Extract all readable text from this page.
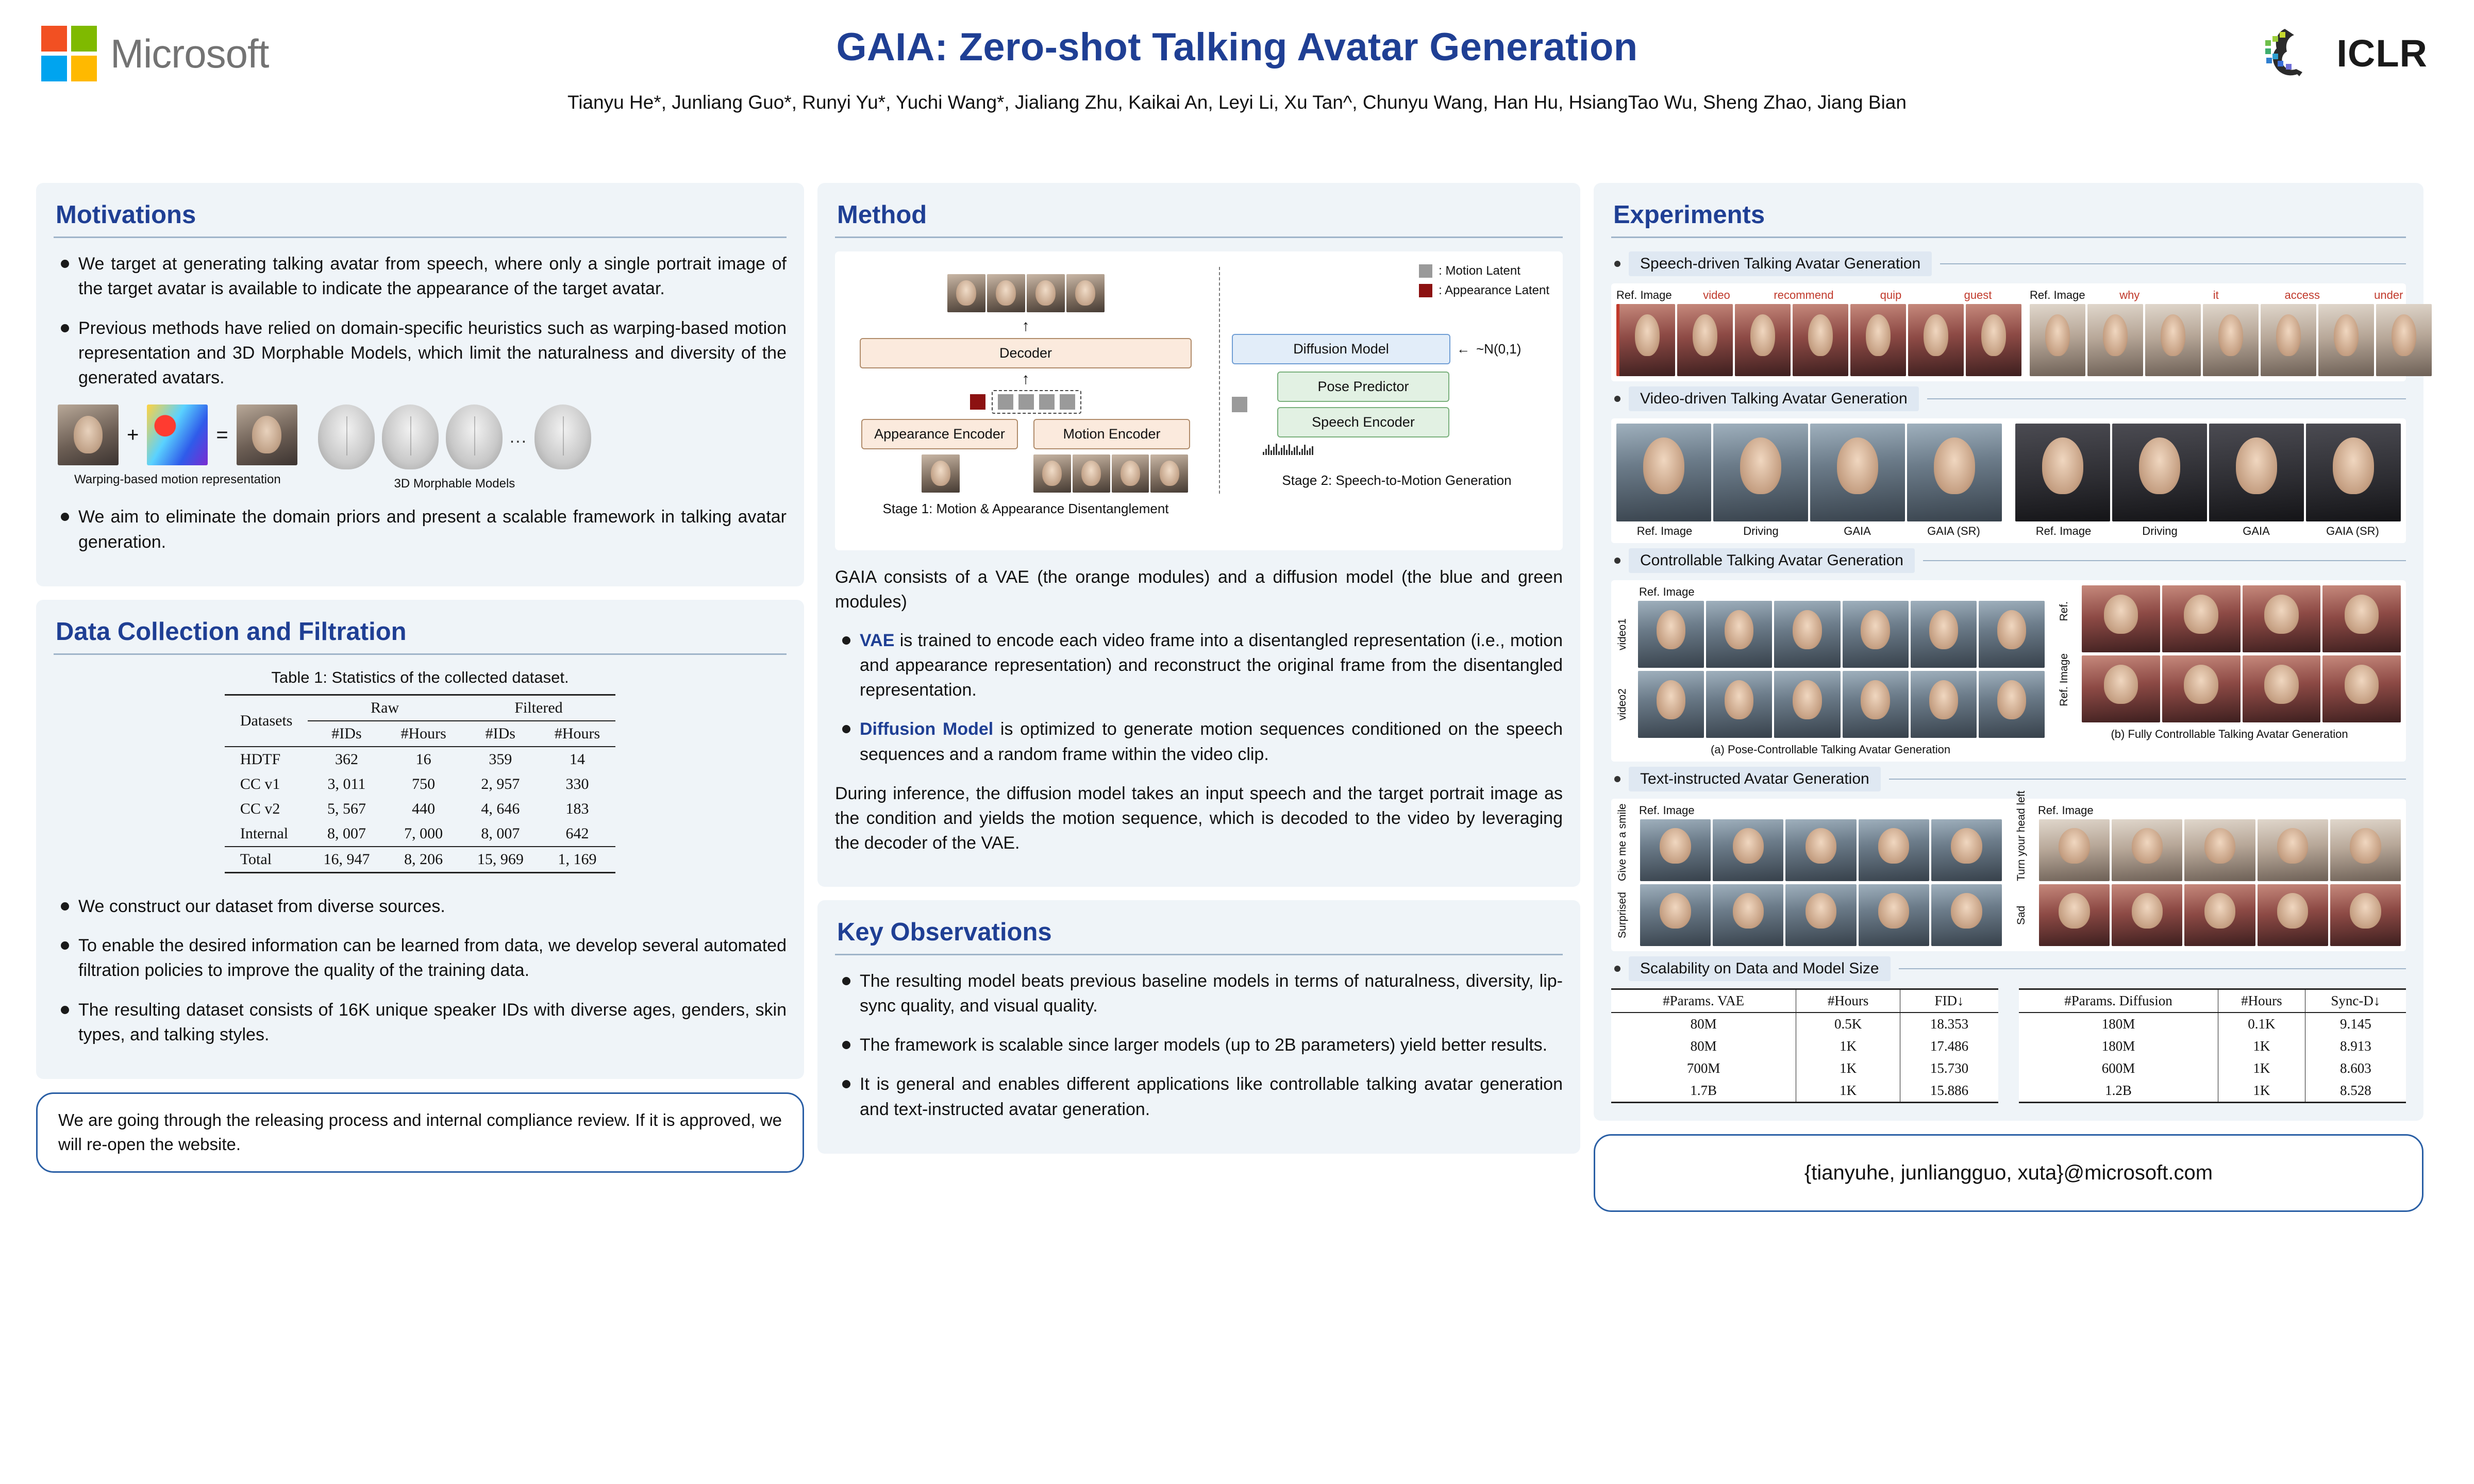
Microsoft	GAIA: Zero-shot Talking Avatar Generation
Tianyu He*, Junliang Guo*, Runyi Yu*, Yuchi Wang*, Jialiang Zhu, Kaikai An, Leyi Li, Xu Tan^, Chunyu Wang, Han Hu, HsiangTao Wu, Sheng Zhao, Jiang Bian
ICLR
Motivations
We target at generating talking avatar from speech, where only a single portrait image of the target avatar is available to indicate the appearance of the target avatar.
Previous methods have relied on domain-specific heuristics such as warping-based motion representation and 3D Morphable Models, which limit the naturalness and diversity of the generated avatars.
+	=
Warping-based motion representation
...
3D Morphable Models
We aim to eliminate the domain priors and present a scalable framework in talking avatar generation.
Data Collection and Filtration
Table 1: Statistics of the collected dataset.
Datasets	Raw		Filtered	
	#IDs	#Hours	#IDs	#Hours
HDTF	362	16	359	14
CC v1	3, 011	750	2, 957	330
CC v2	5, 567	440	4, 646	183
Internal	8, 007	7, 000	8, 007	642
Total	16, 947	8, 206	15, 969	1, 169
We construct our dataset from diverse sources.
To enable the desired information can be learned from data, we develop several automated filtration policies to improve the quality of the training data.
The resulting dataset consists of 16K unique speaker IDs with diverse ages, genders, skin types, and talking styles.
We are going through the releasing process and internal compliance review. If it is approved, we will re-open the website.
Method
: Motion Latent
: Appearance Latent
↑
Decoder
↑
Appearance Encoder	Motion Encoder
Stage 1: Motion & Appearance Disentanglement
Diffusion Model	← ~N(0,1)
Pose Predictor
Speech Encoder
Stage 2: Speech-to-Motion Generation

GAIA consists of a VAE (the orange modules) and a diffusion model (the blue and green modules)

VAE is trained to encode each video frame into a disentangled representation (i.e., motion and appearance representation) and reconstruct the original frame from the disentangled representation.
Diffusion Model is optimized to generate motion sequences conditioned on the speech sequences and a random frame within the video clip.

During inference, the diffusion model takes an input speech and the target portrait image as the condition and yields the motion sequence, which is decoded to the video by leveraging the decoder of the VAE.

Key Observations
The resulting model beats previous baseline models in terms of naturalness, diversity, lip-sync quality, and visual quality.
The framework is scalable since larger models (up to 2B parameters) yield better results.
It is general and enables different applications like controllable talking avatar generation and text-instructed avatar generation.
Experiments
Speech-driven Talking Avatar Generation
Ref. Image	video	recommend	quip	guest	Ref. Image	why	it	access	under
Video-driven Talking Avatar Generation
Ref. Image	Driving	GAIA	GAIA (SR)	Ref. Image	Driving	GAIA	GAIA (SR)
Controllable Talking Avatar Generation
Ref. Image
video1
video2
(a) Pose-Controllable Talking Avatar Generation
Ref.
Ref. Image
(b) Fully Controllable Talking Avatar Generation
Text-instructed Avatar Generation
Ref. Image
Give me a smile
Surprised
Ref. Image
Turn your head left
Sad
Scalability on Data and Model Size
#Params. VAE	#Hours	FID↓
80M	0.5K	18.353
80M	1K	17.486
700M	1K	15.730
1.7B	1K	15.886
#Params. Diffusion	#Hours	Sync-D↓
180M	0.1K	9.145
180M	1K	8.913
600M	1K	8.603
1.2B	1K	8.528
{tianyuhe, junliangguo, xuta}@microsoft.com
